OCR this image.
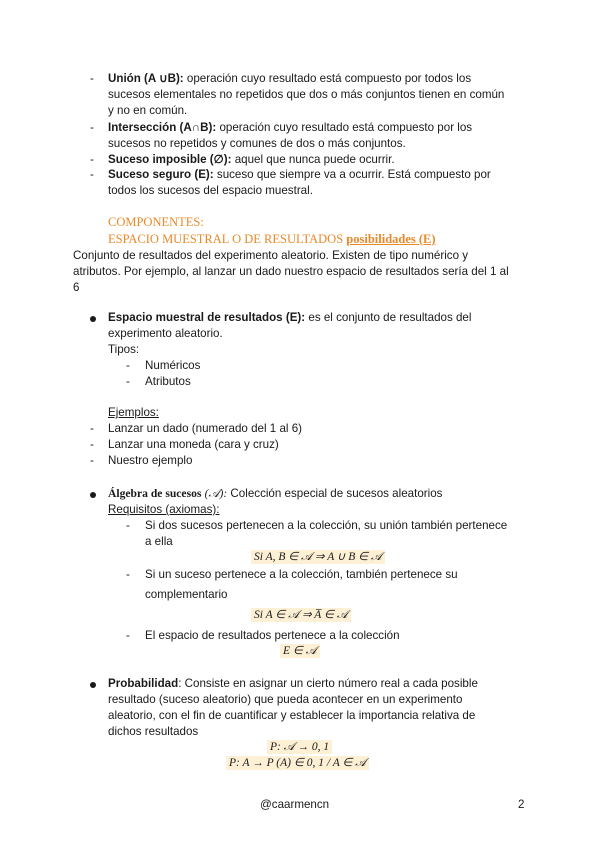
- Unión (A ∪B): operación cuyo resultado está compuesto por todos los
sucesos elementales no repetidos que dos o más conjuntos tienen en común
y no en común.
- Intersección (A∩B): operación cuyo resultado está compuesto por los
sucesos no repetidos y comunes de dos o más conjuntos.
- Suceso imposible (∅): aquel que nunca puede ocurrir.
- Suceso seguro (E): suceso que siempre va a ocurrir. Está compuesto por
todos los sucesos del espacio muestral.
COMPONENTES:
ESPACIO MUESTRAL O DE RESULTADOS posibilidades (E)
Conjunto de resultados del experimento aleatorio. Existen de tipo numérico y
atributos. Por ejemplo, al lanzar un dado nuestro espacio de resultados sería del 1 al
6
Espacio muestral de resultados (E): es el conjunto de resultados del
experimento aleatorio.
Tipos:
- Numéricos
- Atributos
Ejemplos:
- Lanzar un dado (numerado del 1 al 6)
- Lanzar una moneda (cara y cruz)
- Nuestro ejemplo
Álgebra de sucesos (𝒜): Colección especial de sucesos aleatorios
Requisitos (axiomas):
- Si dos sucesos pertenecen a la colección, su unión también pertenece
a ella
Si A, B ∈ 𝒜 ⇒ A ∪ B ∈ 𝒜
- Si un suceso pertenece a la colección, también pertenece su
complementario
Si A ∈ 𝒜 ⇒ A̅ ∈ 𝒜
- El espacio de resultados pertenece a la colección
E ∈ 𝒜
Probabilidad: Consiste en asignar un cierto número real a cada posible
resultado (suceso aleatorio) que pueda acontecer en un experimento
aleatorio, con el fin de cuantificar y establecer la importancia relativa de
dichos resultados
P: 𝒜 → 0, 1
P: A → P (A) ∈ 0, 1 / A ∈ 𝒜
@caarmencn	2
